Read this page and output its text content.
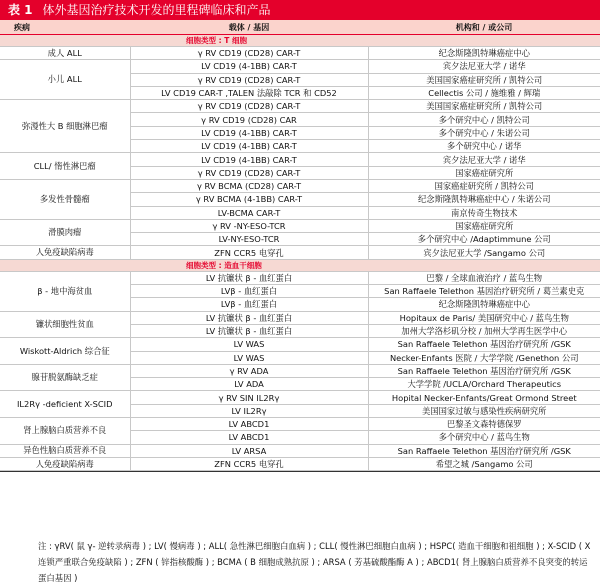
表 1 体外基因治疗技术开发的里程碑临床和产品
疾病	载体 / 基因	机构和 / 或公司
细胞类型 : T 细胞		
成人 ALL	γ RV CD19 (CD28) CAR-T	纪念斯隆凯特琳癌症中心
小儿 ALL	LV CD19 (4-1BB) CAR-T	宾夕法尼亚大学 / 诺华
	γ RV CD19 (CD28) CAR-T	美国国家癌症研究所 / 凯特公司
	LV CD19 CAR-T ,TALEN 法敲除 TCR 和 CD52	Cellectis 公司 / 施维雅 / 辉瑞
弥漫性大 B 细胞淋巴瘤	γ RV CD19 (CD28) CAR-T	美国国家癌症研究所 / 凯特公司
	γ RV CD19 (CD28) CAR	多个研究中心 / 凯特公司
	LV CD19 (4-1BB) CAR-T	多个研究中心 / 朱诺公司
	LV CD19 (4-1BB) CAR-T	多个研究中心 / 诺华
CLL/ 惰性淋巴瘤	LV CD19 (4-1BB) CAR-T	宾夕法尼亚大学 / 诺华
	γ RV CD19 (CD28) CAR-T	国家癌症研究所
多发性骨髓瘤	γ RV BCMA (CD28) CAR-T	国家癌症研究所 / 凯特公司
	γ RV BCMA (4-1BB) CAR-T	纪念斯隆凯特琳癌症中心 / 朱诺公司
	LV-BCMA CAR-T	南京传奇生物技术
滑膜肉瘤	γ RV -NY-ESO-TCR	国家癌症研究所
	LV-NY-ESO-TCR	多个研究中心 /Adaptimmune 公司
人免疫缺陷病毒	ZFN CCR5 电穿孔	宾夕法尼亚大学 /Sangamo 公司
细胞类型 : 造血干细胞		
β - 地中海贫血	LV 抗镰状 β - 血红蛋白	巴黎 / 全球血液治疗 / 蓝鸟生物
	LVβ - 血红蛋白	San Raffaele Telethon 基因治疗研究所 / 葛兰素史克
	LVβ - 血红蛋白	纪念斯隆凯特琳癌症中心
镰状细胞性贫血	LV 抗镰状 β - 血红蛋白	Hopitaux de Paris/ 美国研究中心 / 蓝鸟生物
	LV 抗镰状 β - 血红蛋白	加州大学洛杉矶分校 / 加州大学再生医学中心
Wiskott-Aldrich 综合征	LV WAS	San Raffaele Telethon 基因治疗研究所 /GSK
	LV WAS	Necker-Enfants 医院 / 大学学院 /Genethon 公司
腺苷脱氨酶缺乏症	γ RV ADA	San Raffaele Telethon 基因治疗研究所 /GSK
	LV ADA	大学学院 /UCLA/Orchard Therapeutics
IL2Rγ -deficient X-SCID	γ RV SIN IL2Rγ	Hopital Necker-Enfants/Great Ormond Street
	LV IL2Rγ	美国国家过敏与感染性疾病研究所
肾上腺脑白质营养不良	LV ABCD1	巴黎圣文森特德保罗
	LV ABCD1	多个研究中心 / 蓝鸟生物
异色性脑白质营养不良	LV ARSA	San Raffaele Telethon 基因治疗研究所 /GSK
人免疫缺陷病毒	ZFN CCR5 电穿孔	希望之城 /Sangamo 公司
注 : γRV( 鼠 γ- 逆转录病毒 ) ; LV( 慢病毒 ) ; ALL( 急性淋巴细胞白血病 ) ; CLL( 慢性淋巴细胞白血病 ) ; HSPC( 造血干细胞和祖细胞 ) ; X-SCID ( X 连锁严重联合免疫缺陷 ) ; ZFN ( 锌指核酸酶 ) ; BCMA ( B 细胞成熟抗原 ) ; ARSA ( 芳基硫酸酯酶 A ) ; ABCD1( 肾上腺脑白质营养不良突变的转运蛋白基因 )
